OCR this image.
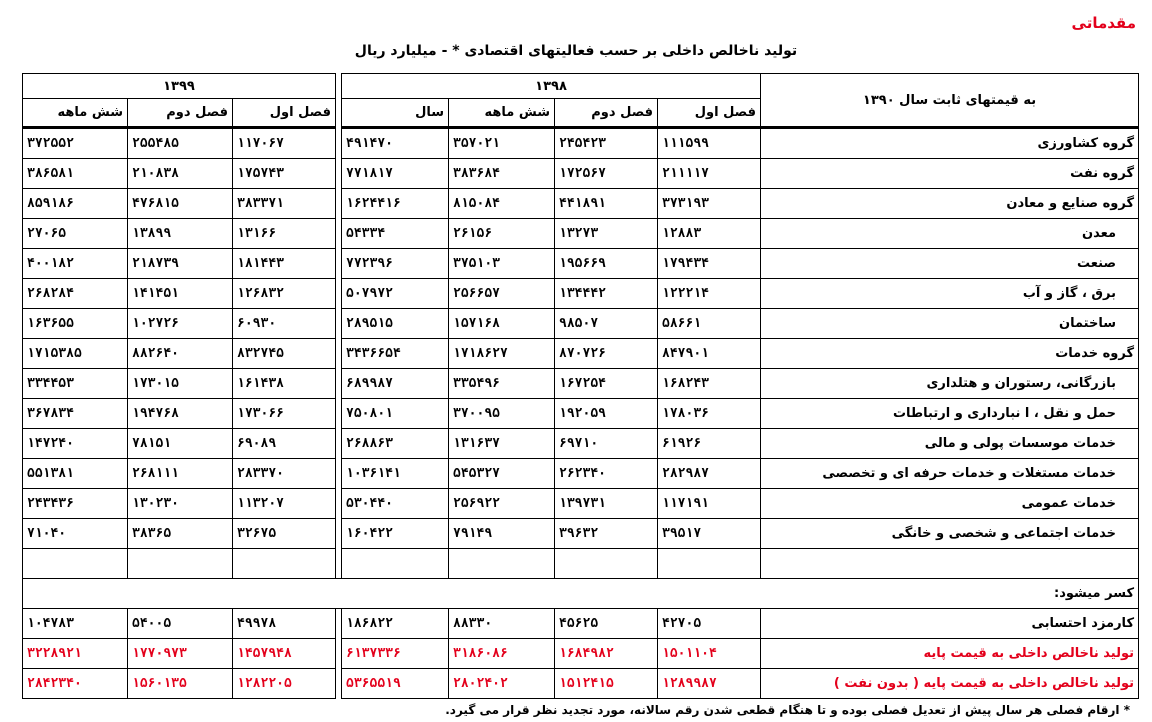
مقدماتی
تولید ناخالص داخلی بر حسب فعالیتهای اقتصادی * - میلیارد ریال
به قیمتهای ثابت سال ۱۳۹۰	۱۳۹۸					۱۳۹۹		
	فصل اول	فصل دوم	شش ماهه	سال		فصل اول	فصل دوم	شش ماهه
گروه کشاورزی	۱۱۱۵۹۹	۲۴۵۴۲۳	۳۵۷۰۲۱	۴۹۱۴۷۰		۱۱۷۰۶۷	۲۵۵۴۸۵	۳۷۲۵۵۲
گروه نفت	۲۱۱۱۱۷	۱۷۲۵۶۷	۳۸۳۶۸۴	۷۷۱۸۱۷		۱۷۵۷۴۳	۲۱۰۸۳۸	۳۸۶۵۸۱
گروه صنایع و معادن	۳۷۳۱۹۳	۴۴۱۸۹۱	۸۱۵۰۸۴	۱۶۲۴۴۱۶		۳۸۳۳۷۱	۴۷۶۸۱۵	۸۵۹۱۸۶
معدن	۱۲۸۸۳	۱۳۲۷۳	۲۶۱۵۶	۵۴۳۳۴		۱۳۱۶۶	۱۳۸۹۹	۲۷۰۶۵
صنعت	۱۷۹۴۳۴	۱۹۵۶۶۹	۳۷۵۱۰۳	۷۷۲۳۹۶		۱۸۱۴۴۳	۲۱۸۷۳۹	۴۰۰۱۸۲
برق ، گاز و آب	۱۲۲۲۱۴	۱۳۴۴۴۲	۲۵۶۶۵۷	۵۰۷۹۷۲		۱۲۶۸۳۲	۱۴۱۴۵۱	۲۶۸۲۸۴
ساختمان	۵۸۶۶۱	۹۸۵۰۷	۱۵۷۱۶۸	۲۸۹۵۱۵		۶۰۹۳۰	۱۰۲۷۲۶	۱۶۳۶۵۵
گروه خدمات	۸۴۷۹۰۱	۸۷۰۷۲۶	۱۷۱۸۶۲۷	۳۴۳۶۶۵۴		۸۳۲۷۴۵	۸۸۲۶۴۰	۱۷۱۵۳۸۵
بازرگانی، رستوران و هتلداری	۱۶۸۲۴۳	۱۶۷۲۵۴	۳۳۵۴۹۶	۶۸۹۹۸۷		۱۶۱۴۳۸	۱۷۳۰۱۵	۳۳۴۴۵۳
حمل و نقل ، ا نبارداری و ارتباطات	۱۷۸۰۳۶	۱۹۲۰۵۹	۳۷۰۰۹۵	۷۵۰۸۰۱		۱۷۳۰۶۶	۱۹۴۷۶۸	۳۶۷۸۳۴
خدمات موسسات پولی و مالی	۶۱۹۲۶	۶۹۷۱۰	۱۳۱۶۳۷	۲۶۸۸۶۳		۶۹۰۸۹	۷۸۱۵۱	۱۴۷۲۴۰
خدمات مستغلات و خدمات حرفه ای و تخصصی	۲۸۲۹۸۷	۲۶۲۳۴۰	۵۴۵۳۲۷	۱۰۳۶۱۴۱		۲۸۳۳۷۰	۲۶۸۱۱۱	۵۵۱۳۸۱
خدمات عمومی	۱۱۷۱۹۱	۱۳۹۷۳۱	۲۵۶۹۲۲	۵۳۰۴۴۰		۱۱۳۲۰۷	۱۳۰۲۳۰	۲۴۳۴۳۶
خدمات اجتماعی و شخصی و خانگی	۳۹۵۱۷	۳۹۶۳۲	۷۹۱۴۹	۱۶۰۴۲۲		۳۲۶۷۵	۳۸۳۶۵	۷۱۰۴۰

کسر میشود:								
کارمزد احتسابی	۴۲۷۰۵	۴۵۶۲۵	۸۸۳۳۰	۱۸۶۸۲۲		۴۹۹۷۸	۵۴۰۰۵	۱۰۴۷۸۳
تولید ناخالص داخلی به قیمت پایه	۱۵۰۱۱۰۴	۱۶۸۴۹۸۲	۳۱۸۶۰۸۶	۶۱۳۷۳۳۶		۱۴۵۷۹۴۸	۱۷۷۰۹۷۳	۳۲۲۸۹۲۱
تولید ناخالص داخلی به قیمت پایه ( بدون نفت )	۱۲۸۹۹۸۷	۱۵۱۲۴۱۵	۲۸۰۲۴۰۲	۵۳۶۵۵۱۹		۱۲۸۲۲۰۵	۱۵۶۰۱۳۵	۲۸۴۲۳۴۰
* ارقام فصلی هر سال پیش از تعدیل فصلی بوده و تا هنگام قطعی شدن رقم سالانه، مورد تجدید نظر قرار می گیرد.
